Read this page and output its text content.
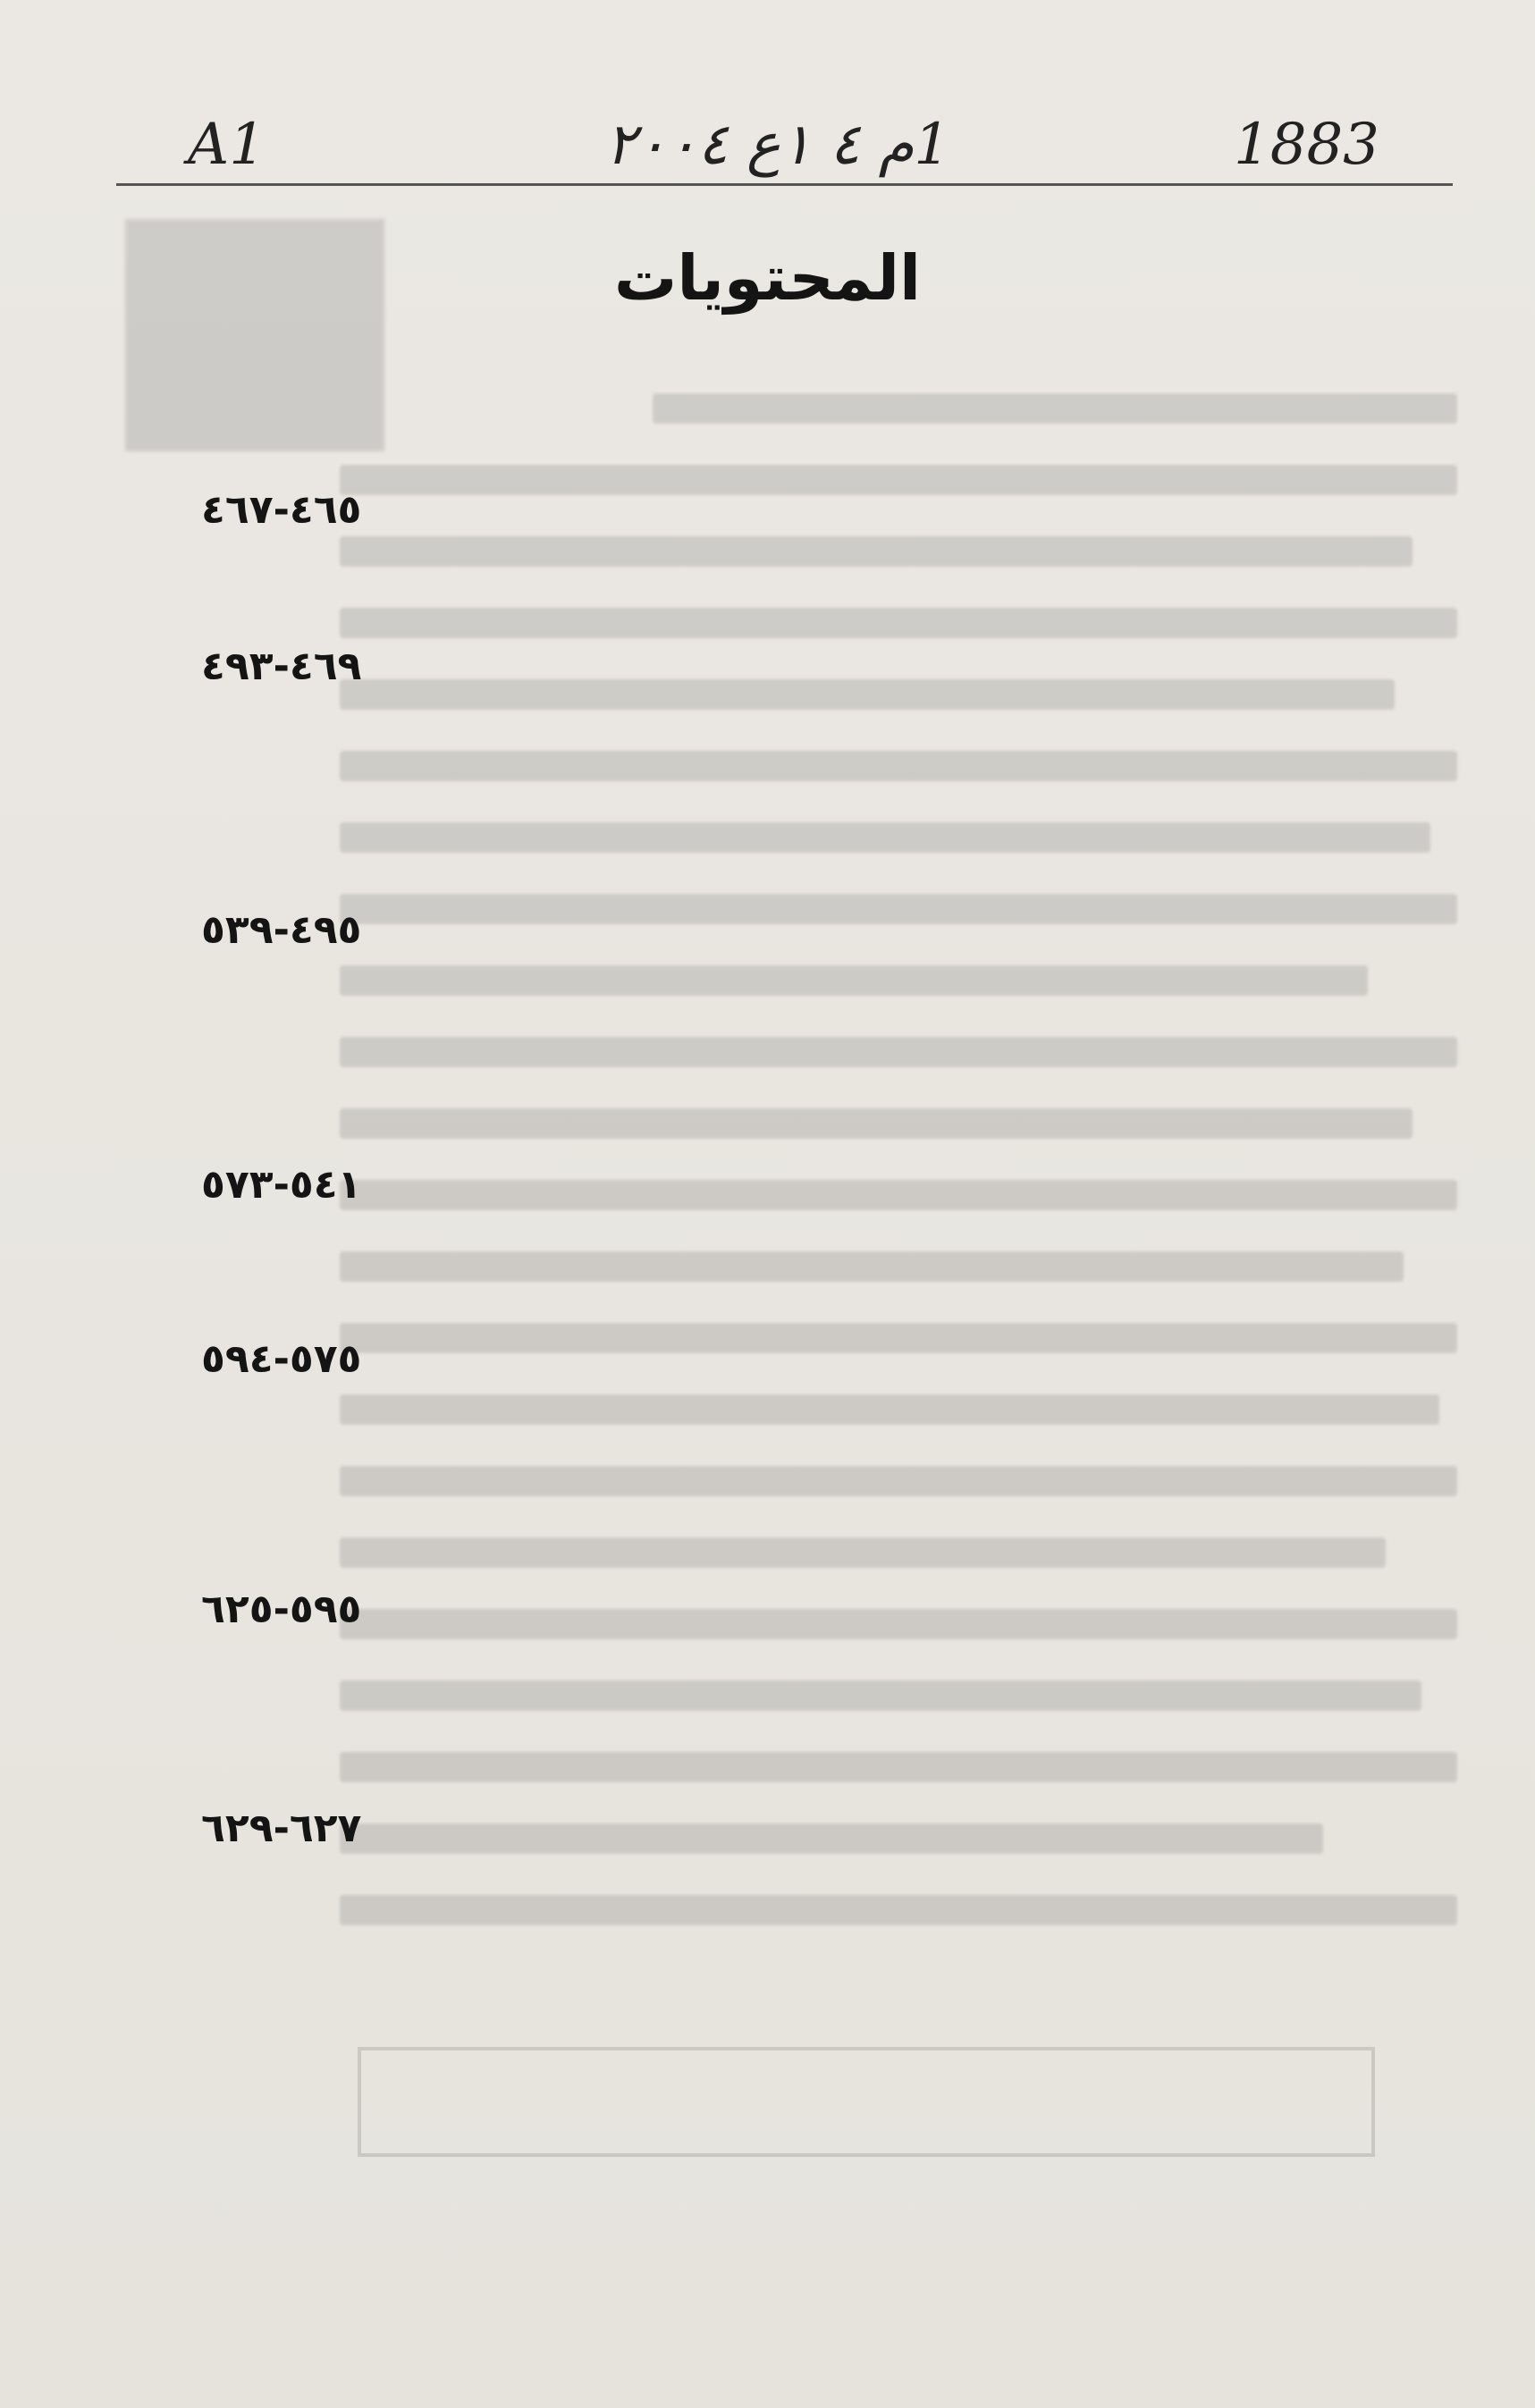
A1	1م ٤ ١ع ٢٠٠٤	1883
المحتويات
٤٦٥-٤٦٧
٤٦٩-٤٩٣
٤٩٥-٥٣٩
٥٤١-٥٧٣
٥٧٥-٥٩٤
٥٩٥-٦٢٥
٦٢٧-٦٢٩
